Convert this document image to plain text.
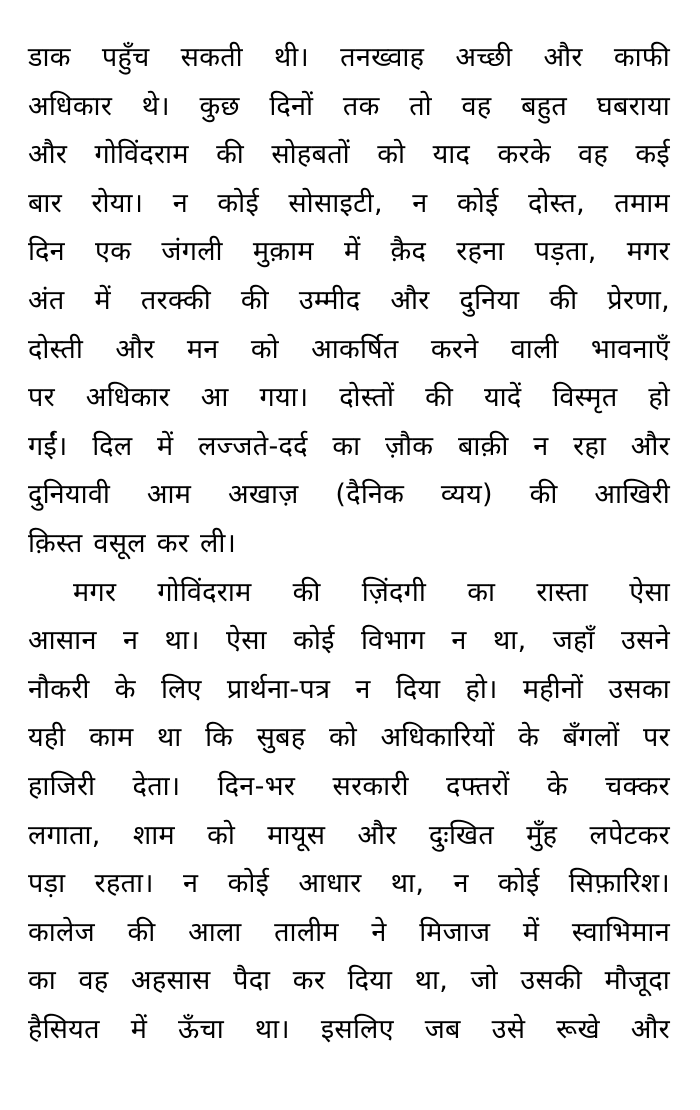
डाक पहुँच सकती थी। तनख्वाह अच्छी और काफी
अधिकार थे। कुछ दिनों तक तो वह बहुत घबराया
और गोविंदराम की सोहबतों को याद करके वह कई
बार रोया। न कोई सोसाइटी, न कोई दोस्त, तमाम
दिन एक जंगली मुक़ाम में क़ैद रहना पड़ता, मगर
अंत में तरक्की की उम्मीद और दुनिया की प्रेरणा,
दोस्ती और मन को आकर्षित करने वाली भावनाएँ
पर अधिकार आ गया। दोस्तों की यादें विस्मृत हो
गईं। दिल में लज्जते-दर्द का ज़ौक बाक़ी न रहा और
दुनियावी आम अखाज़ (दैनिक व्यय) की आखिरी
क़िस्त वसूल कर ली।
मगर गोविंदराम की ज़िंदगी का रास्ता ऐसा
आसान न था। ऐसा कोई विभाग न था, जहाँ उसने
नौकरी के लिए प्रार्थना-पत्र न दिया हो। महीनों उसका
यही काम था कि सुबह को अधिकारियों के बँगलों पर
हाजिरी देता। दिन-भर सरकारी दफ्तरों के चक्कर
लगाता, शाम को मायूस और दुःखित मुँह लपेटकर
पड़ा रहता। न कोई आधार था, न कोई सिफ़ारिश।
कालेज की आला तालीम ने मिजाज में स्वाभिमान
का वह अहसास पैदा कर दिया था, जो उसकी मौजूदा
हैसियत में ऊँचा था। इसलिए जब उसे रूखे और
